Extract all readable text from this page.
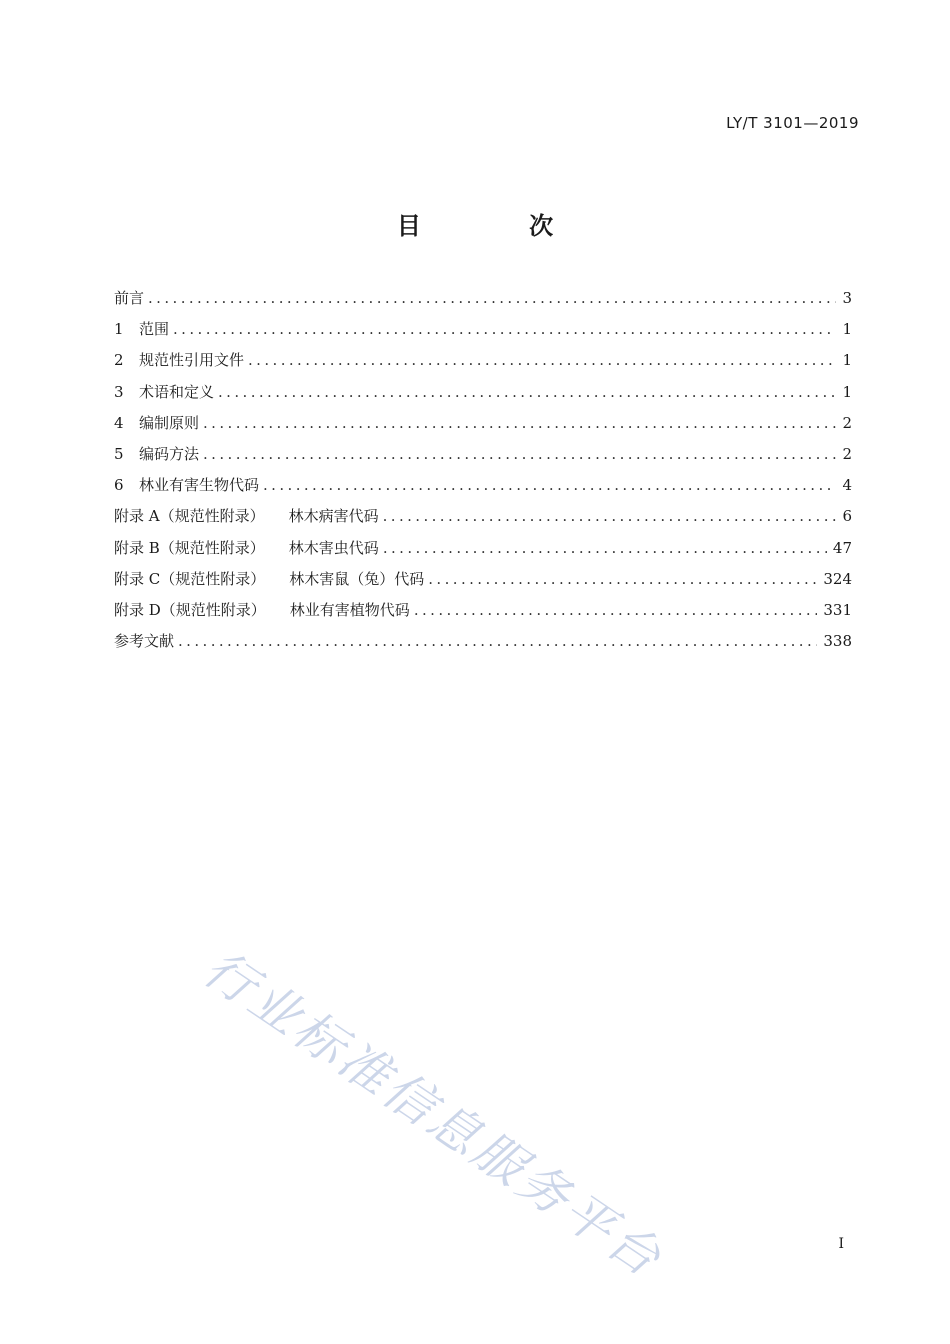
LY/T 3101—2019
目 次
前言 .....	3
1	范围 .....	1
2	规范性引用文件 .....	1
3	术语和定义 .....	1
4	编制原则 .....	2
5	编码方法 .....	2
6	林业有害生物代码 .....	4
附录 A（规范性附录） 林木病害代码 .....	6
附录 B（规范性附录） 林木害虫代码 .....	47
附录 C（规范性附录） 林木害鼠（兔）代码 .....	324
附录 D（规范性附录） 林业有害植物代码 .....	331
参考文献 .....	338
行业标准信息服务平台	I
